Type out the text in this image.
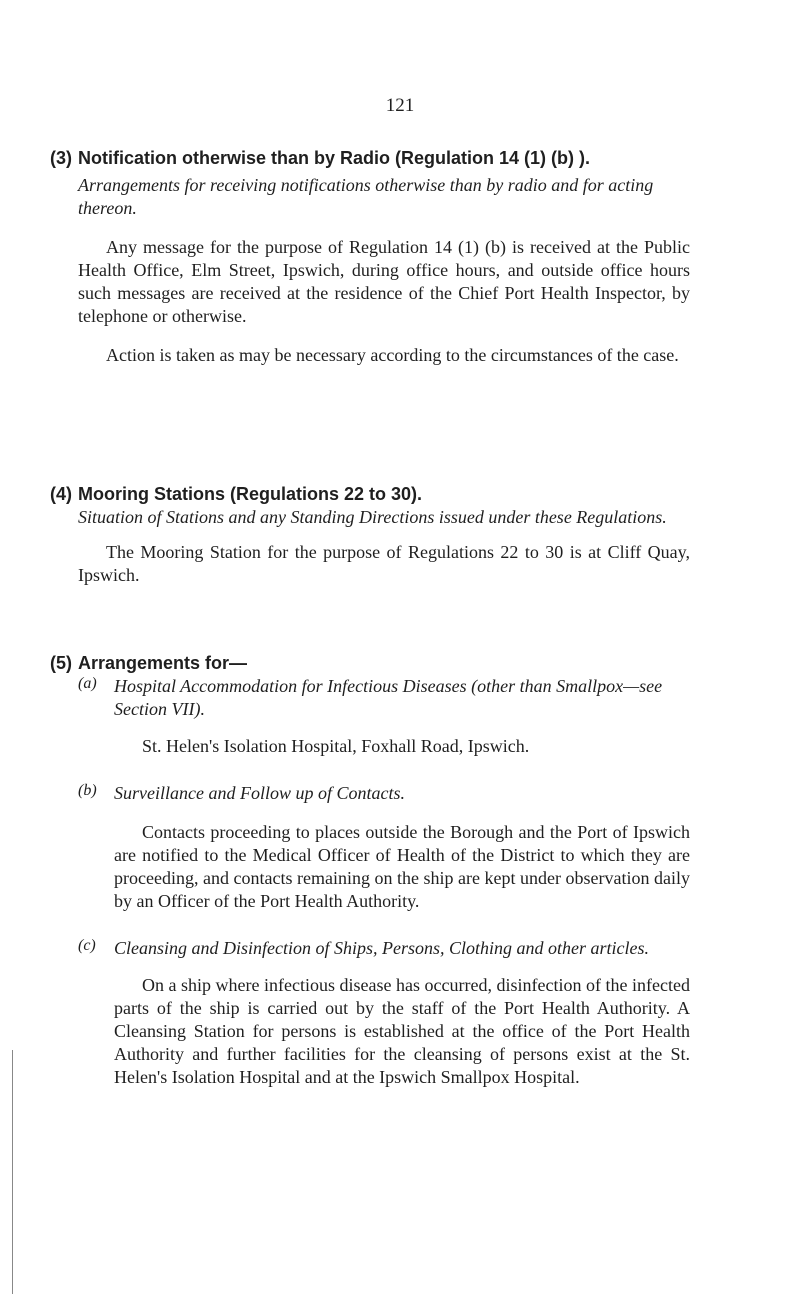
121
(3) Notification otherwise than by Radio (Regulation 14 (1) (b) ).
Arrangements for receiving notifications otherwise than by radio and for acting thereon.
Any message for the purpose of Regulation 14 (1) (b) is received at the Public Health Office, Elm Street, Ipswich, during office hours, and outside office hours such messages are received at the residence of the Chief Port Health Inspector, by telephone or otherwise.
Action is taken as may be necessary according to the circumstances of the case.
(4) Mooring Stations (Regulations 22 to 30).
Situation of Stations and any Standing Directions issued under these Regulations.
The Mooring Station for the purpose of Regulations 22 to 30 is at Cliff Quay, Ipswich.
(5) Arrangements for—
(a) Hospital Accommodation for Infectious Diseases (other than Smallpox—see Section VII).
St. Helen's Isolation Hospital, Foxhall Road, Ipswich.
(b) Surveillance and Follow up of Contacts.
Contacts proceeding to places outside the Borough and the Port of Ipswich are notified to the Medical Officer of Health of the District to which they are proceeding, and contacts remaining on the ship are kept under observation daily by an Officer of the Port Health Authority.
(c)	Cleansing and Disinfection of Ships, Persons, Clothing and other articles.
On a ship where infectious disease has occurred, disinfection of the infected parts of the ship is carried out by the staff of the Port Health Authority. A Cleansing Station for persons is established at the office of the Port Health Authority and further facilities for the cleansing of persons exist at the St. Helen's Isolation Hospital and at the Ipswich Smallpox Hospital.
